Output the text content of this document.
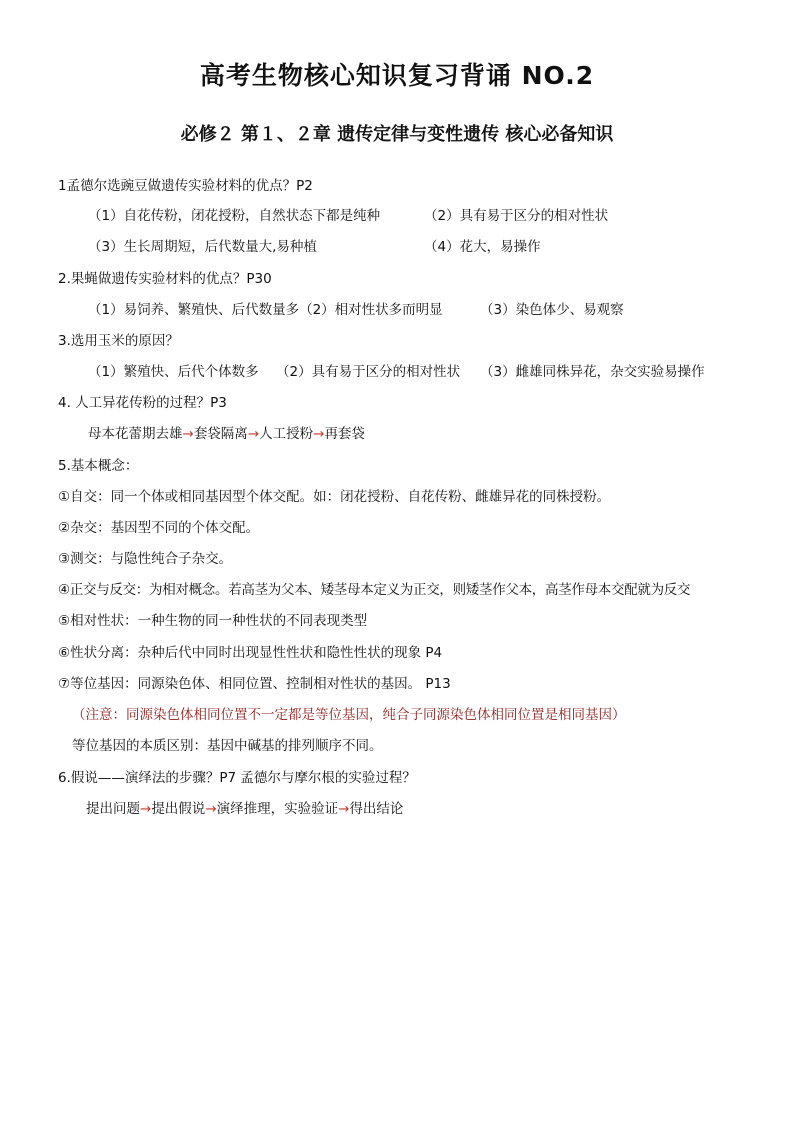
高考生物核心知识复习背诵 NO.2
必修２ 第１、２章 遗传定律与变性遗传 核心必备知识
1孟德尔选豌豆做遗传实验材料的优点？P2
（1）自花传粉，闭花授粉，自然状态下都是纯种	（2）具有易于区分的相对性状
（3）生长周期短，后代数量大,易种植	（4）花大，易操作
2.果蝇做遗传实验材料的优点？P30
（1）易饲养、繁殖快、后代数量多（2）相对性状多而明显	（3）染色体少、易观察
3.选用玉米的原因？
（1）繁殖快、后代个体数多 （2）具有易于区分的相对性状 （3）雌雄同株异花，杂交实验易操作
4. 人工异花传粉的过程？P3
母本花蕾期去雄→套袋隔离→人工授粉→再套袋
5.基本概念：
①自交：同一个体或相同基因型个体交配。如：闭花授粉、自花传粉、雌雄异花的同株授粉。
②杂交：基因型不同的个体交配。
③测交：与隐性纯合子杂交。
④正交与反交：为相对概念。若高茎为父本、矮茎母本定义为正交，则矮茎作父本，高茎作母本交配就为反交
⑤相对性状：一种生物的同一种性状的不同表现类型
⑥性状分离：杂种后代中同时出现显性性状和隐性性状的现象 P4
⑦等位基因：同源染色体、相同位置、控制相对性状的基因。 P13
（注意：同源染色体相同位置不一定都是等位基因，纯合子同源染色体相同位置是相同基因）
等位基因的本质区别：基因中碱基的排列顺序不同。
6.假说——演绎法的步骤？P7 孟德尔与摩尔根的实验过程？
提出问题→提出假说→演绎推理，实验验证→得出结论
